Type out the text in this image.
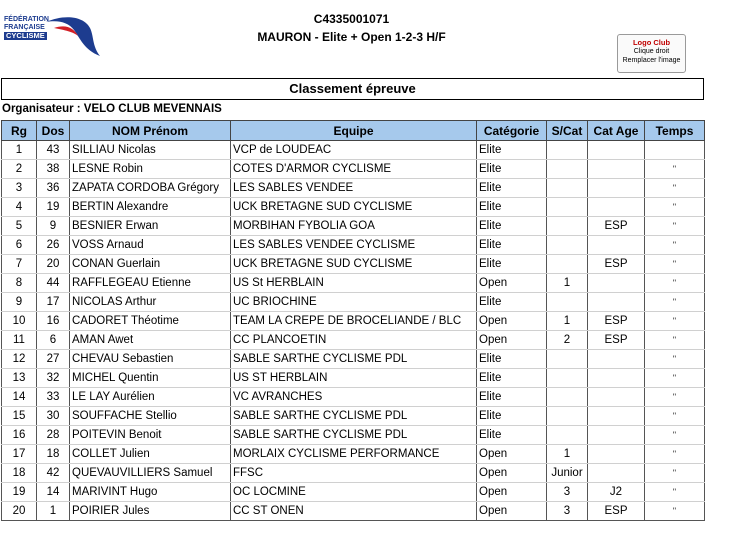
FÉDÉRATION
FRANÇAISE
CYCLISME
C4335001071
MAURON - Elite + Open 1-2-3 H/F	Logo Club
Clique droit
Remplacer l'image
Classement épreuve
Organisateur : VELO CLUB MEVENNAIS
Rg	Dos	NOM Prénom	Equipe	Catégorie	S/Cat	Cat Age	Temps
1	43	SILLIAU Nicolas	VCP de LOUDEAC	Elite			
2	38	LESNE Robin	COTES D'ARMOR CYCLISME	Elite			"
3	36	ZAPATA CORDOBA Grégory	LES SABLES VENDEE	Elite			"
4	19	BERTIN Alexandre	UCK BRETAGNE SUD CYCLISME	Elite			"
5	9	BESNIER Erwan	MORBIHAN FYBOLIA GOA	Elite		ESP	"
6	26	VOSS Arnaud	LES SABLES VENDEE CYCLISME	Elite			"
7	20	CONAN Guerlain	UCK BRETAGNE SUD CYCLISME	Elite		ESP	"
8	44	RAFFLEGEAU Etienne	US St HERBLAIN	Open	1		"
9	17	NICOLAS Arthur	UC BRIOCHINE	Elite			"
10	16	CADORET Théotime	TEAM LA CREPE DE BROCELIANDE / BLC	Open	1	ESP	"
11	6	AMAN Awet	CC PLANCOETIN	Open	2	ESP	"
12	27	CHEVAU Sebastien	SABLE SARTHE CYCLISME PDL	Elite			"
13	32	MICHEL Quentin	US ST HERBLAIN	Elite			"
14	33	LE LAY Aurélien	VC AVRANCHES	Elite			"
15	30	SOUFFACHE Stellio	SABLE SARTHE CYCLISME PDL	Elite			"
16	28	POITEVIN Benoit	SABLE SARTHE CYCLISME PDL	Elite			"
17	18	COLLET Julien	MORLAIX CYCLISME PERFORMANCE	Open	1		"
18	42	QUEVAUVILLIERS Samuel	FFSC	Open	Junior		"
19	14	MARIVINT Hugo	OC LOCMINE	Open	3	J2	"
20	1	POIRIER Jules	CC ST ONEN	Open	3	ESP	"
